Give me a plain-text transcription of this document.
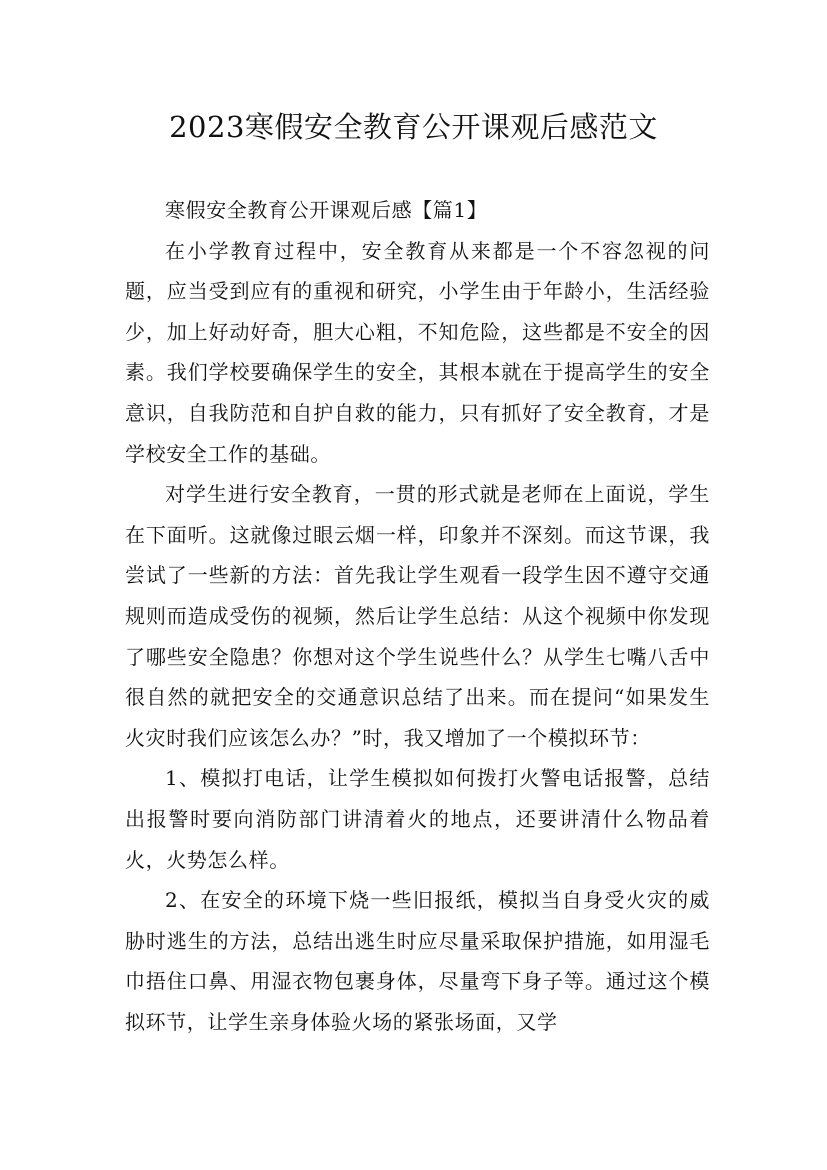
2023寒假安全教育公开课观后感范文

寒假安全教育公开课观后感【篇1】

在小学教育过程中，安全教育从来都是一个不容忽视的问题，应当受到应有的重视和研究，小学生由于年龄小，生活经验少，加上好动好奇，胆大心粗，不知危险，这些都是不安全的因素。我们学校要确保学生的安全，其根本就在于提高学生的安全意识，自我防范和自护自救的能力，只有抓好了安全教育，才是学校安全工作的基础。

对学生进行安全教育，一贯的形式就是老师在上面说，学生在下面听。这就像过眼云烟一样，印象并不深刻。而这节课，我尝试了一些新的方法：首先我让学生观看一段学生因不遵守交通规则而造成受伤的视频，然后让学生总结：从这个视频中你发现了哪些安全隐患？你想对这个学生说些什么？从学生七嘴八舌中很自然的就把安全的交通意识总结了出来。而在提问“如果发生火灾时我们应该怎么办？”时，我又增加了一个模拟环节：

1、模拟打电话，让学生模拟如何拨打火警电话报警，总结出报警时要向消防部门讲清着火的地点，还要讲清什么物品着火，火势怎么样。

2、在安全的环境下烧一些旧报纸，模拟当自身受火灾的威胁时逃生的方法，总结出逃生时应尽量采取保护措施，如用湿毛巾捂住口鼻、用湿衣物包裹身体，尽量弯下身子等。通过这个模拟环节，让学生亲身体验火场的紧张场面，又学
